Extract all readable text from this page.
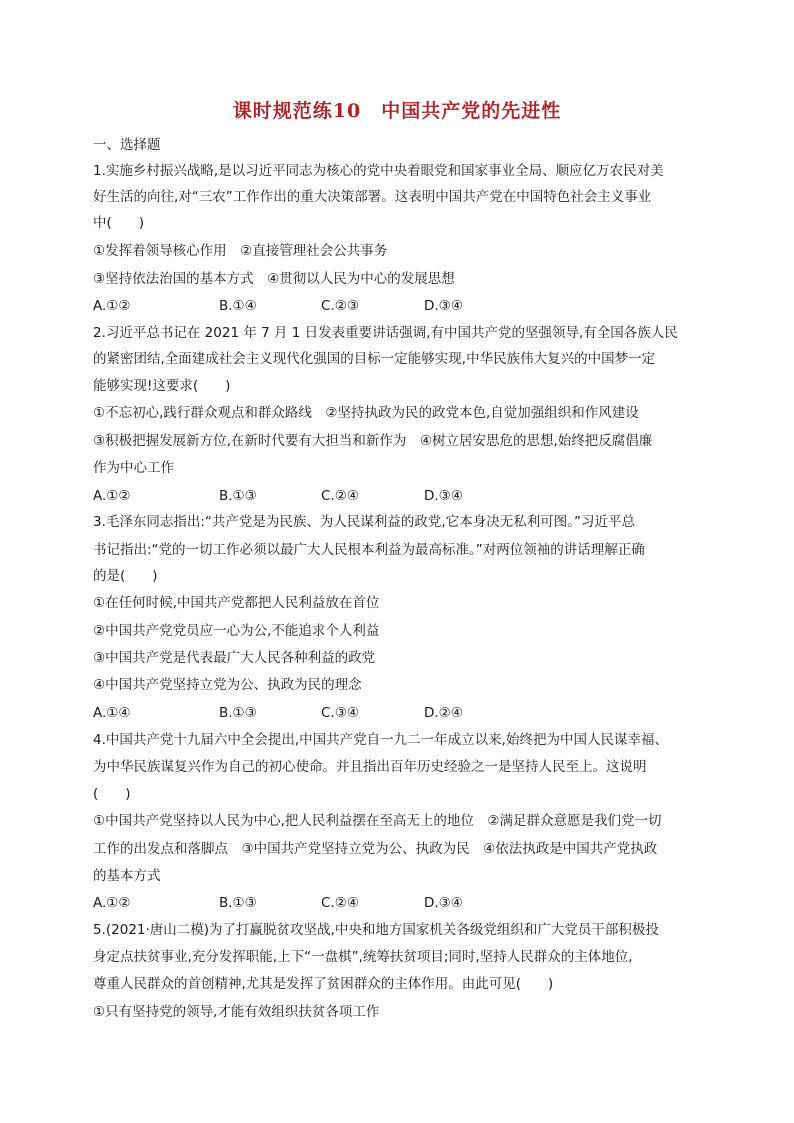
课时规范练10　中国共产党的先进性
一、选择题
1.实施乡村振兴战略,是以习近平同志为核心的党中央着眼党和国家事业全局、顺应亿万农民对美
好生活的向往,对“三农”工作作出的重大决策部署。这表明中国共产党在中国特色社会主义事业
中(　　)
①发挥着领导核心作用　②直接管理社会公共事务
③坚持依法治国的基本方式　④贯彻以人民为中心的发展思想
A.①②	B.①④	C.②③	D.③④
2.习近平总书记在 2021 年 7 月 1 日发表重要讲话强调,有中国共产党的坚强领导,有全国各族人民
的紧密团结,全面建成社会主义现代化强国的目标一定能够实现,中华民族伟大复兴的中国梦一定
能够实现!这要求(　　)
①不忘初心,践行群众观点和群众路线　②坚持执政为民的政党本色,自觉加强组织和作风建设
③积极把握发展新方位,在新时代要有大担当和新作为　④树立居安思危的思想,始终把反腐倡廉
作为中心工作
A.①②	B.①③	C.②④	D.③④
3.毛泽东同志指出:“共产党是为民族、为人民谋利益的政党,它本身决无私利可图。”习近平总
书记指出:“党的一切工作必须以最广大人民根本利益为最高标准。”对两位领袖的讲话理解正确
的是(　　)
①在任何时候,中国共产党都把人民利益放在首位
②中国共产党党员应一心为公,不能追求个人利益
③中国共产党是代表最广大人民各种利益的政党
④中国共产党坚持立党为公、执政为民的理念
A.①④	B.①③	C.③④	D.②④
4.中国共产党十九届六中全会提出,中国共产党自一九二一年成立以来,始终把为中国人民谋幸福、
为中华民族谋复兴作为自己的初心使命。并且指出百年历史经验之一是坚持人民至上。这说明
(　　)
①中国共产党坚持以人民为中心,把人民利益摆在至高无上的地位　②满足群众意愿是我们党一切
工作的出发点和落脚点　③中国共产党坚持立党为公、执政为民　④依法执政是中国共产党执政
的基本方式
A.①②	B.①③	C.②④	D.③④
5.(2021·唐山二模)为了打赢脱贫攻坚战,中央和地方国家机关各级党组织和广大党员干部积极投
身定点扶贫事业,充分发挥职能,上下“一盘棋”,统筹扶贫项目;同时,坚持人民群众的主体地位,
尊重人民群众的首创精神,尤其是发挥了贫困群众的主体作用。由此可见(　　)
①只有坚持党的领导,才能有效组织扶贫各项工作
